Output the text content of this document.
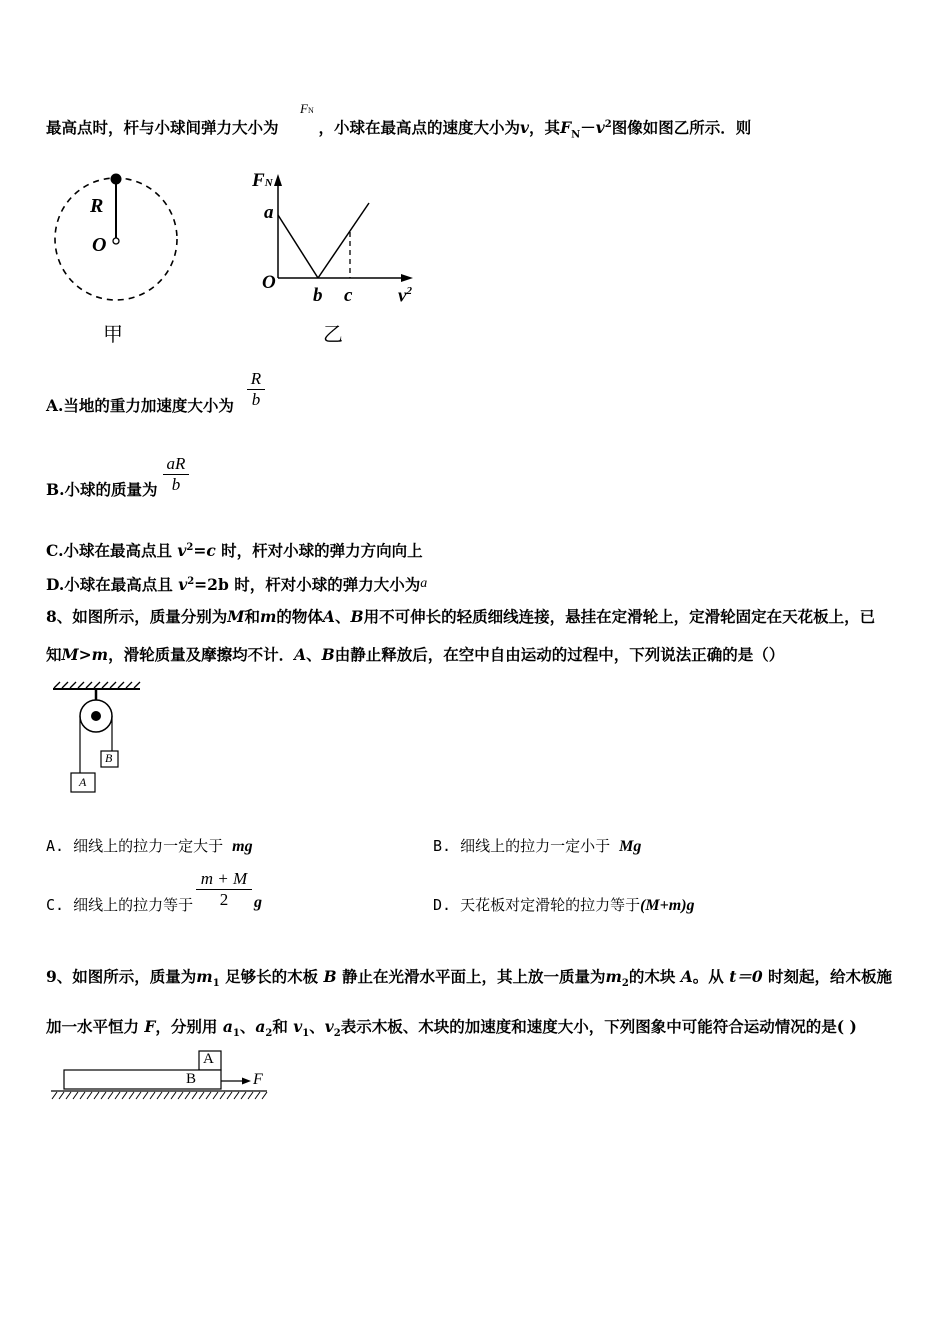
最高点时，杆与小球间弹力大小为	，小球在最高点的速度大小为v，其$F_N-v^2$图像如图乙所示．则
FN
R
O
甲
FN
a
O
b c $v^2$
乙
A.当地的重力加速度大小为 $\frac{R}{b}$
B.小球的质量为 $\frac{aR}{b}$
C.小球在最高点且 $v^2=c$ 时，杆对小球的弹力方向向上
D.小球在最高点且 $v^2=2b$ 时，杆对小球的弹力大小为a
8、如图所示，质量分别为M和m的物体A、B用不可伸长的轻质细线连接，悬挂在定滑轮上，定滑轮固定在天花板上，已
知M>m，滑轮质量及摩擦均不计．A、B由静止释放后，在空中自由运动的过程中，下列说法正确的是（）
B
A
A. 细线上的拉力一定大于 mg	B. 细线上的拉力一定小于 Mg
C. 细线上的拉力等于 $\frac{m + M}{2}$ g	D. 天花板对定滑轮的拉力等于(M+m)g
9、如图所示，质量为$m_1$ 足够长的木板 B 静止在光滑水平面上，其上放一质量为$m_2$的木块 A。从 t＝0 时刻起，给木板施
加一水平恒力 F，分别用 $a_1$、$a_2$和 $v_1$、$v_2$表示木板、木块的加速度和速度大小，下列图象中可能符合运动情况的是( )
A
B	F
